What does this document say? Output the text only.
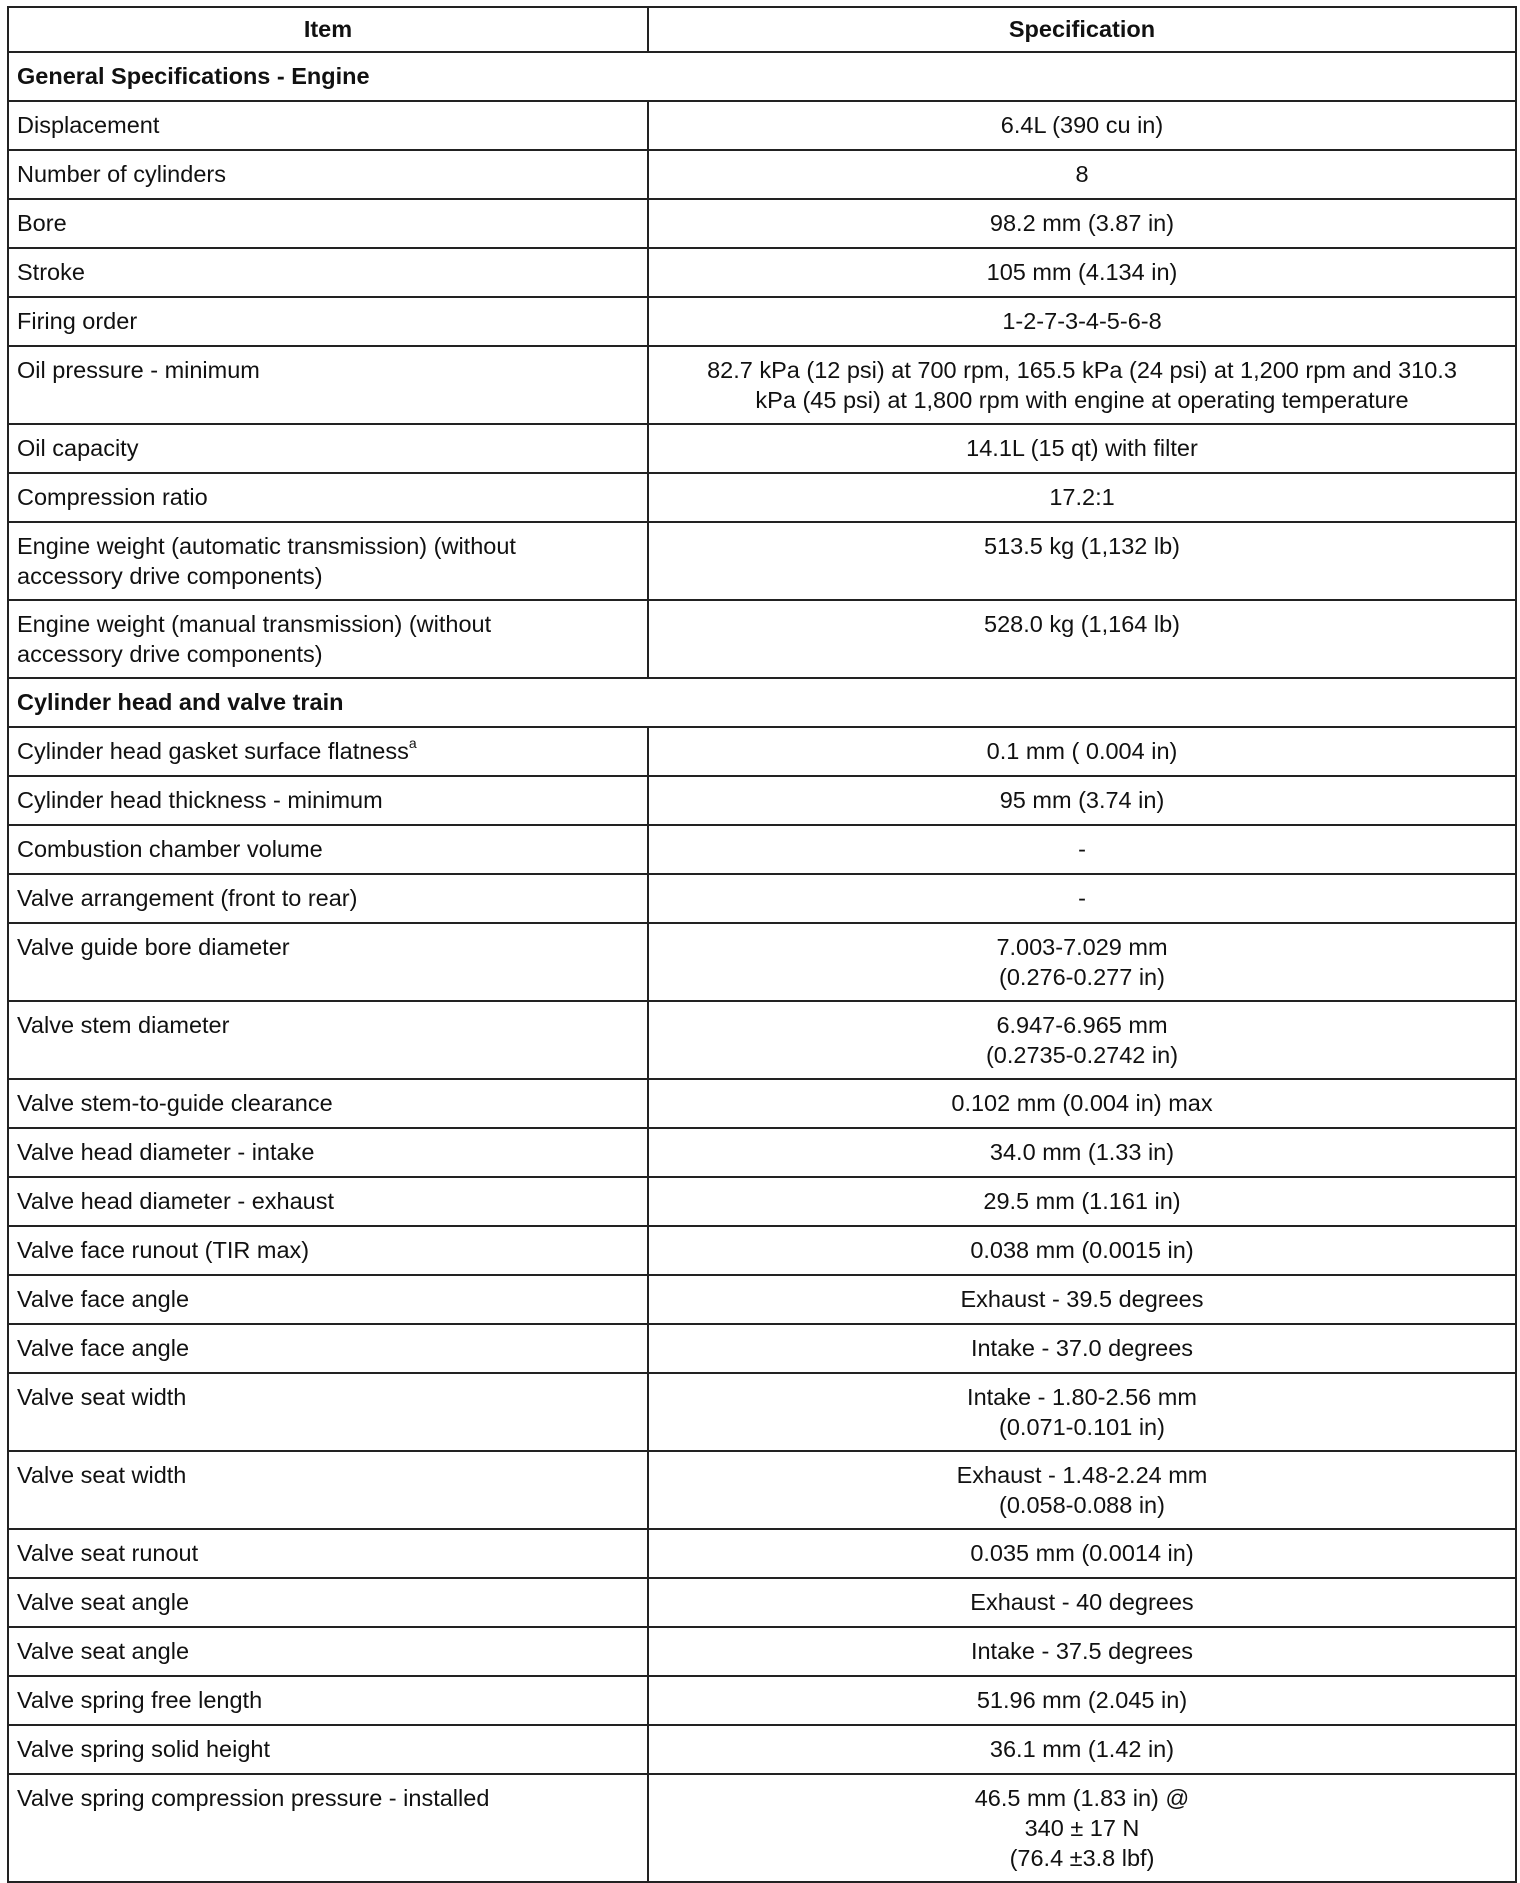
Item	Specification
General Specifications - Engine	

Displacement	6.4L (390 cu in)

Number of cylinders	8

Bore	98.2 mm (3.87 in)

Stroke	105 mm (4.134 in)

Firing order	1-2-7-3-4-5-6-8

Oil pressure - minimum	82.7 kPa (12 psi) at 700 rpm, 165.5 kPa (24 psi) at 1,200 rpm and 310.3
kPa (45 psi) at 1,800 rpm with engine at operating temperature

Oil capacity	14.1L (15 qt) with filter

Compression ratio	17.2:1

Engine weight (automatic transmission) (without
accessory drive components)	513.5 kg (1,132 lb)

Engine weight (manual transmission) (without
accessory drive components)	528.0 kg (1,164 lb)

Cylinder head and valve train	

Cylinder head gasket surface flatness$^a$	0.1 mm ( 0.004 in)

Cylinder head thickness - minimum	95 mm (3.74 in)

Combustion chamber volume	-

Valve arrangement (front to rear)	-

Valve guide bore diameter	7.003-7.029 mm
(0.276-0.277 in)

Valve stem diameter	6.947-6.965 mm
(0.2735-0.2742 in)

Valve stem-to-guide clearance	0.102 mm (0.004 in) max

Valve head diameter - intake	34.0 mm (1.33 in)

Valve head diameter - exhaust	29.5 mm (1.161 in)

Valve face runout (TIR max)	0.038 mm (0.0015 in)

Valve face angle	Exhaust - 39.5 degrees

Valve face angle	Intake - 37.0 degrees

Valve seat width	Intake - 1.80-2.56 mm
(0.071-0.101 in)

Valve seat width	Exhaust - 1.48-2.24 mm
(0.058-0.088 in)

Valve seat runout	0.035 mm (0.0014 in)

Valve seat angle	Exhaust - 40 degrees

Valve seat angle	Intake - 37.5 degrees

Valve spring free length	51.96 mm (2.045 in)

Valve spring solid height	36.1 mm (1.42 in)

Valve spring compression pressure - installed	46.5 mm (1.83 in) @
340 ± 17 N
(76.4 ±3.8 lbf)
